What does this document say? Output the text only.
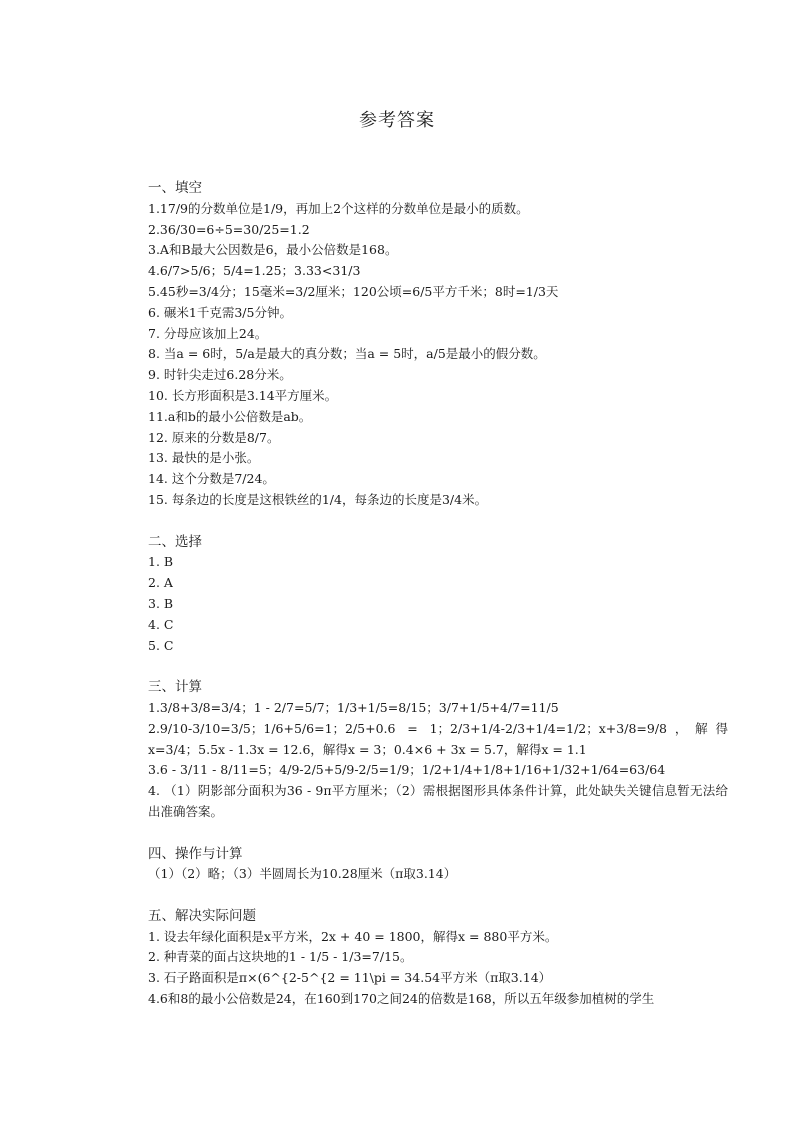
参考答案
一、填空
1.17/9的分数单位是1/9，再加上2个这样的分数单位是最小的质数。
2.36/30=6÷5=30/25=1.2
3.A和B最大公因数是6，最小公倍数是168。
4.6/7>5/6；5/4=1.25；3.33<31/3
5.45秒=3/4分；15毫米=3/2厘米；120公顷=6/5平方千米；8时=1/3天
6. 碾米1千克需3/5分钟。
7. 分母应该加上24。
8. 当a = 6时，5/a是最大的真分数；当a = 5时，a/5是最小的假分数。
9. 时针尖走过6.28分米。
10. 长方形面积是3.14平方厘米。
11.a和b的最小公倍数是ab。
12. 原来的分数是8/7。
13. 最快的是小张。
14. 这个分数是7/24。
15. 每条边的长度是这根铁丝的1/4，每条边的长度是3/4米。
二、选择
1. B
2. A
3. B
4. C
5. C
三、计算
1.3/8+3/8=3/4；1 - 2/7=5/7；1/3+1/5=8/15；3/7+1/5+4/7=11/5
2.9/10-3/10=3/5；1/6+5/6=1；2/5+0.6 = 1；2/3+1/4-2/3+1/4=1/2；x+3/8=9/8，解得x=3/4；5.5x - 1.3x = 12.6，解得x = 3；0.4×6 + 3x = 5.7，解得x = 1.1
3.6 - 3/11 - 8/11=5；4/9-2/5+5/9-2/5=1/9；1/2+1/4+1/8+1/16+1/32+1/64=63/64
4. （1）阴影部分面积为36 - 9π平方厘米；（2）需根据图形具体条件计算，此处缺失关键信息暂无法给出准确答案。
四、操作与计算
（1）（2）略；（3）半圆周长为10.28厘米（π取3.14）
五、解决实际问题
1. 设去年绿化面积是x平方米，2x + 40 = 1800，解得x = 880平方米。
2. 种青菜的面占这块地的1 - 1/5 - 1/3=7/15。
3. 石子路面积是π×(6^{2-5^{2 = 11\pi = 34.54平方米（π取3.14）
4.6和8的最小公倍数是24，在160到170之间24的倍数是168，所以五年级参加植树的学生
